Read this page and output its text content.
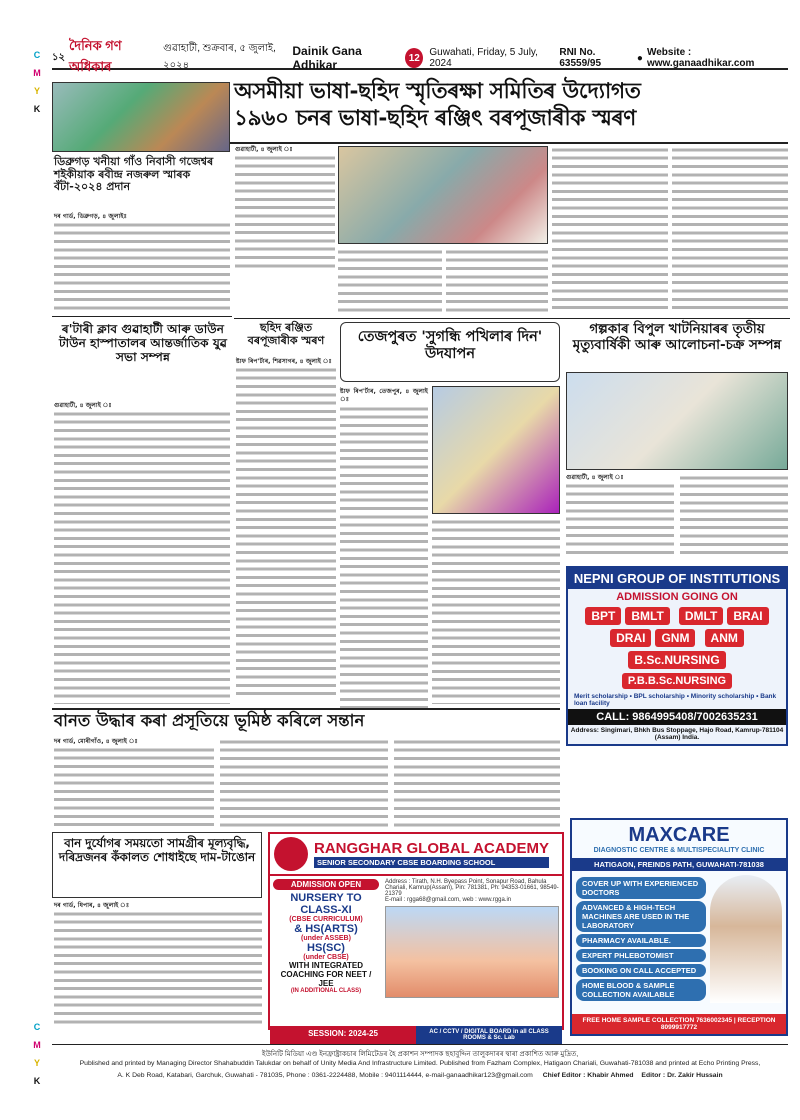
C
M
Y
K
C
M
Y
K
১২
দৈনিক গণ অধিকাৰ
গুৱাহাটী, শুক্ৰবাৰ, ৫ জুলাই, ২০২৪
Dainik Gana Adhikar	12 Guwahati, Friday, 5 July, 2024
RNI No. 63559/95	● Website : www.ganaadhikar.com
অসমীয়া ভাষা-ছহিদ স্মৃতিৰক্ষা সমিতিৰ উদ্যোগত
১৯৬০ চনৰ ভাষা-ছহিদ ৰঞ্জিৎ বৰপূজাৰীক স্মৰণ
ডিব্ৰুগড় খনীয়া গাঁও নিবাসী গজেশ্বৰ শইকীয়াক ৰবীন্দ্ৰ নজৰুল স্মাৰক বঁটা-২০২৪ প্ৰদান
দৰ গাৰ্ড, ডিব্ৰুগড়, ৪ জুলাইঃ
ৰ'টাৰী ক্লাব গুৱাহাটী আৰু ডাউন টাউন হাস্পাতালৰ আন্তৰ্জাতিক যুৱ সভা সম্পন্ন
গুৱাহাটী, ৪ জুলাই ঃ
গুৱাহাটী, ৪ জুলাই ঃ
ছহিদ ৰঞ্জিত বৰপূজাৰীক স্মৰণ
ষ্টাফ ৰিপ'ৰ্টাৰ, শিৱসাগৰ, ৪ জুলাই ঃ
তেজপুৰত 'সুগন্ধি পখিলাৰ দিন' উদযাপন
ষ্টাফ ৰিপ'ৰ্টাৰ, তেজপুৰ, ৪ জুলাই ঃ
গল্পকাৰ বিপুল খাটনিয়াৰৰ তৃতীয় মৃত্যুবাৰ্ষিকী আৰু আলোচনা-চক্ৰ সম্পন্ন
গুৱাহাটী, ৪ জুলাই ঃ
NEPNI GROUP OF INSTITUTIONS
ADMISSION GOING ON
BPT BMLT DMLT BRAI DRAI GNM ANMB.Sc.NURSING P.B.B.Sc.NURSING
Merit scholarship • BPL scholarship • Minority scholarship • Bank loan facility
CALL: 9864995408/7002635231
Address: Singimari, Bhkh Bus Stoppage, Hajo Road, Kamrup-781104 (Assam) India.
বানত উদ্ধাৰ কৰা প্ৰসূতিয়ে ভূমিষ্ঠ কৰিলে সন্তান
দৰ গাৰ্ড, মোৰীগাঁও, ৪ জুলাই ঃ
বান দুৰ্যোগৰ সময়তো সামগ্ৰীৰ মূল্যবৃদ্ধি, দৰিদ্ৰজনৰ কঁকালত শোধাইছে দাম-টাঙোন
দৰ গাৰ্ড, ধিপাৰ, ৪ জুলাই ঃ
RANGGHAR GLOBAL ACADEMY
SENIOR SECONDARY CBSE BOARDING SCHOOL
ADMISSION OPEN
NURSERY TO CLASS-XI
(CBSE CURRICULUM)
& HS(ARTS)
(under ASSEB)
HS(SC)
(under CBSE)
WITH INTEGRATED COACHING FOR NEET / JEE
(IN ADDITIONAL CLASS)
Address : Tirath, N.H. Byepass Point, Sonapur Road, Bahula Chariali, Kamrup(Assam), Pin: 781381, Ph: 94353-01661, 98549-21379
E-mail : rgga68@gmail.com, web : www.rgga.in
SESSION: 2024-25	AC / CCTV / DIGITAL BOARD in all CLASS ROOMS & Sc. Lab
MAXCARE
DIAGNOSTIC CENTRE & MULTISPECIALITY CLINIC
HATIGAON, FREINDS PATH, GUWAHATI-781038
COVER UP WITH EXPERIENCED DOCTORS
ADVANCED & HIGH-TECH MACHINES ARE USED IN THE LABORATORY
PHARMACY AVAILABLE.
EXPERT PHLEBOTOMIST
BOOKING ON CALL ACCEPTED
HOME BLOOD & SAMPLE COLLECTION AVAILABLE
FREE HOME SAMPLE COLLECTION 7636002345 | RECEPTION 8099917772
ইউনিটি মিডিয়া এণ্ড ইনফ্ৰাষ্ট্ৰাকচাৰ লিমিটেডৰ হৈ প্ৰকাশন সম্পাদক ছহাবুদ্দিন তালুকদাৰৰ দ্বাৰা প্ৰকাশিত আৰু মুদ্ৰিত,
Published and printed by Managing Director Shahabuddin Talukdar on behalf of Unity Media And Infrastructure Limited. Published from Fazham Complex, Hatigaon Chariali, Guwahati-781038 and printed at Echo Printing Press,
A. K Deb Road, Katabari, Garchuk, Guwahati - 781035, Phone : 0361-2224488, Mobile : 9401114444, e-mail-ganaadhikar123@gmail.com Chief Editor : Khabir Ahmed Editor : Dr. Zakir Hussain
